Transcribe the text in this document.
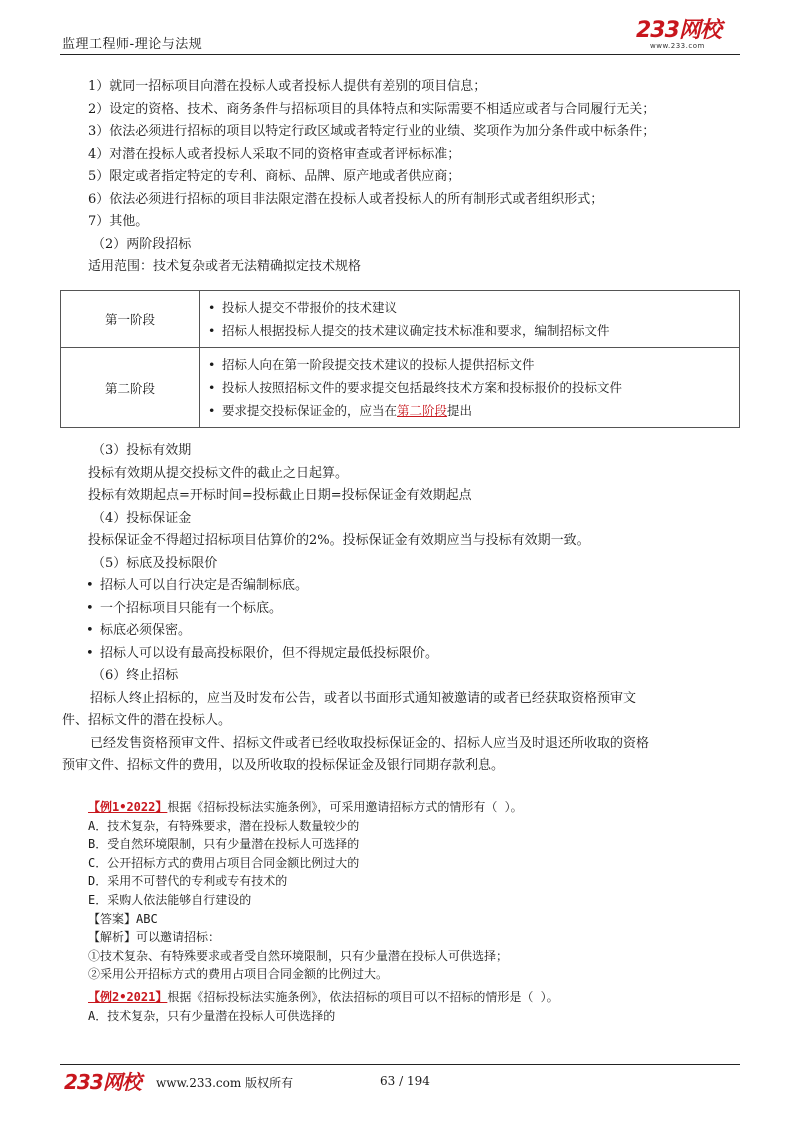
监理工程师-理论与法规
233网校
www.233.com
1）就同一招标项目向潜在投标人或者投标人提供有差别的项目信息；
2）设定的资格、技术、商务条件与招标项目的具体特点和实际需要不相适应或者与合同履行无关；
3）依法必须进行招标的项目以特定行政区域或者特定行业的业绩、奖项作为加分条件或中标条件；
4）对潜在投标人或者投标人采取不同的资格审查或者评标标准；
5）限定或者指定特定的专利、商标、品牌、原产地或者供应商；
6）依法必须进行招标的项目非法限定潜在投标人或者投标人的所有制形式或者组织形式；
7）其他。
（2）两阶段招标
适用范围：技术复杂或者无法精确拟定技术规格
第一阶段	• 投标人提交不带报价的技术建议
• 招标人根据投标人提交的技术建议确定技术标准和要求，编制招标文件

第二阶段	• 招标人向在第一阶段提交技术建议的投标人提供招标文件
• 投标人按照招标文件的要求提交包括最终技术方案和投标报价的投标文件
• 要求提交投标保证金的，应当在第二阶段提出
（3）投标有效期
投标有效期从提交投标文件的截止之日起算。
投标有效期起点=开标时间=投标截止日期=投标保证金有效期起点
（4）投标保证金
投标保证金不得超过招标项目估算价的2%。投标保证金有效期应当与投标有效期一致。
（5）标底及投标限价
• 招标人可以自行决定是否编制标底。
• 一个招标项目只能有一个标底。
• 标底必须保密。
• 招标人可以设有最高投标限价，但不得规定最低投标限价。
（6）终止招标
招标人终止招标的，应当及时发布公告，或者以书面形式通知被邀请的或者已经获取资格预审文
件、招标文件的潜在投标人。
已经发售资格预审文件、招标文件或者已经收取投标保证金的、招标人应当及时退还所收取的资格
预审文件、招标文件的费用，以及所收取的投标保证金及银行同期存款利息。
【例1•2022】根据《招标投标法实施条例》，可采用邀请招标方式的情形有（ ）。
A．技术复杂，有特殊要求，潜在投标人数量较少的
B．受自然环境限制，只有少量潜在投标人可选择的
C．公开招标方式的费用占项目合同金额比例过大的
D．采用不可替代的专利或专有技术的
E．采购人依法能够自行建设的
【答案】ABC
【解析】可以邀请招标：
①技术复杂、有特殊要求或者受自然环境限制，只有少量潜在投标人可供选择；
②采用公开招标方式的费用占项目合同金额的比例过大。
【例2•2021】根据《招标投标法实施条例》，依法招标的项目可以不招标的情形是（ ）。
A．技术复杂，只有少量潜在投标人可供选择的
233网校 www.233.com 版权所有	63 / 194
